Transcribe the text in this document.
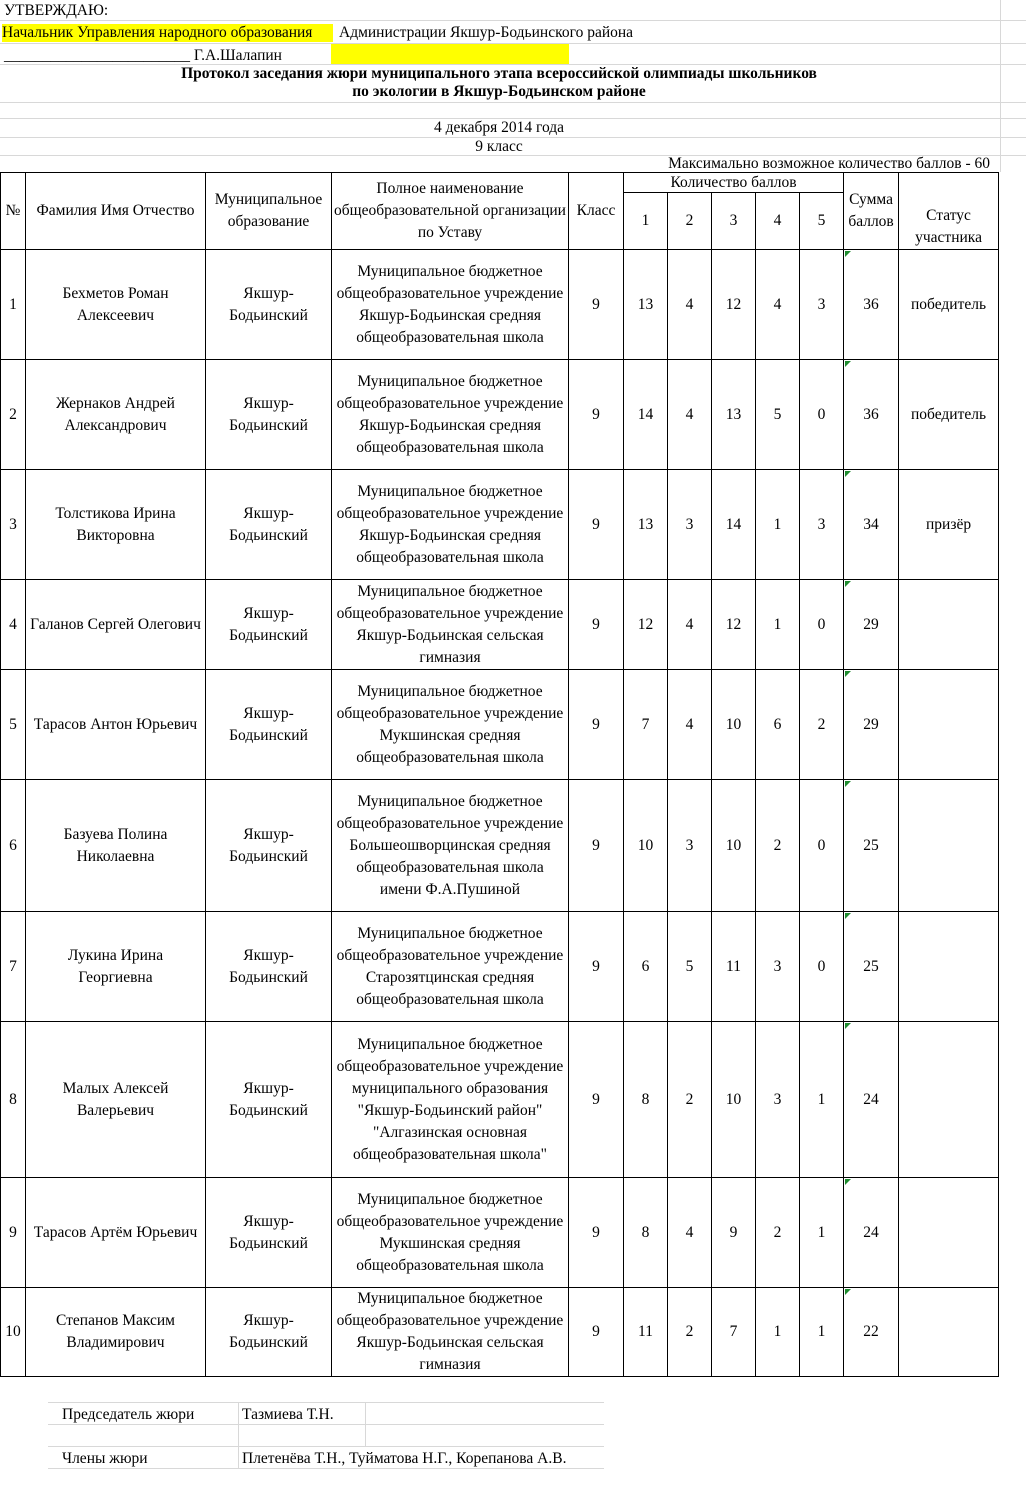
УТВЕРЖДАЮ:
Начальник Управления народного образования	Администрации Якшур-Бодьинского района
________________________ Г.А.Шалапин
Протокол заседания жюри муниципального этапа всероссийской олимпиады школьников
по экологии в Якшур-Бодьинском районе
4 декабря 2014 года
9 класс
Максимально возможное количество баллов - 60
№	Фамилия Имя Отчество	Муниципальное образование	Полное наименование общеобразовательной организации по Уставу	Класс	Количество баллов					Сумма баллов	Статус участника
					1	2	3	4	5		
1	Бехметов Роман Алексеевич	Якшур-Бодьинский	Муниципальное бюджетное общеобразовательное учреждение Якшур-Бодьинская средняя общеобразовательная школа	9	13	4	12	4	3	36	победитель
2	Жернаков Андрей Александрович	Якшур-Бодьинский	Муниципальное бюджетное общеобразовательное учреждение Якшур-Бодьинская средняя общеобразовательная школа	9	14	4	13	5	0	36	победитель
3	Толстикова Ирина Викторовна	Якшур-Бодьинский	Муниципальное бюджетное общеобразовательное учреждение Якшур-Бодьинская средняя общеобразовательная школа	9	13	3	14	1	3	34	призёр
4	Галанов Сергей Олегович	Якшур-Бодьинский	Муниципальное бюджетное общеобразовательное учреждение Якшур-Бодьинская сельская гимназия	9	12	4	12	1	0	29	
5	Тарасов Антон Юрьевич	Якшур-Бодьинский	Муниципальное бюджетное общеобразовательное учреждение Мукшинская средняя общеобразовательная школа	9	7	4	10	6	2	29	
6	Базуева Полина Николаевна	Якшур-Бодьинский	Муниципальное бюджетное общеобразовательное учреждение Большеошворцинская средняя общеобразовательная школа имени Ф.А.Пушиной	9	10	3	10	2	0	25	
7	Лукина Ирина Георгиевна	Якшур-Бодьинский	Муниципальное бюджетное общеобразовательное учреждение Старозятцинская средняя общеобразовательная школа	9	6	5	11	3	0	25	
8	Малых Алексей Валерьевич	Якшур-Бодьинский	Муниципальное бюджетное общеобразовательное учреждение муниципального образования "Якшур-Бодьинский район" "Алгазинская основная общеобразовательная школа"	9	8	2	10	3	1	24	
9	Тарасов Артём Юрьевич	Якшур-Бодьинский	Муниципальное бюджетное общеобразовательное учреждение Мукшинская средняя общеобразовательная школа	9	8	4	9	2	1	24	
10	Степанов Максим Владимирович	Якшур-Бодьинский	Муниципальное бюджетное общеобразовательное учреждение Якшур-Бодьинская сельская гимназия	9	11	2	7	1	1	22	
Председатель жюри	Тазмиева Т.Н.
Члены жюри	Плетенёва Т.Н., Туйматова Н.Г., Корепанова А.В.
